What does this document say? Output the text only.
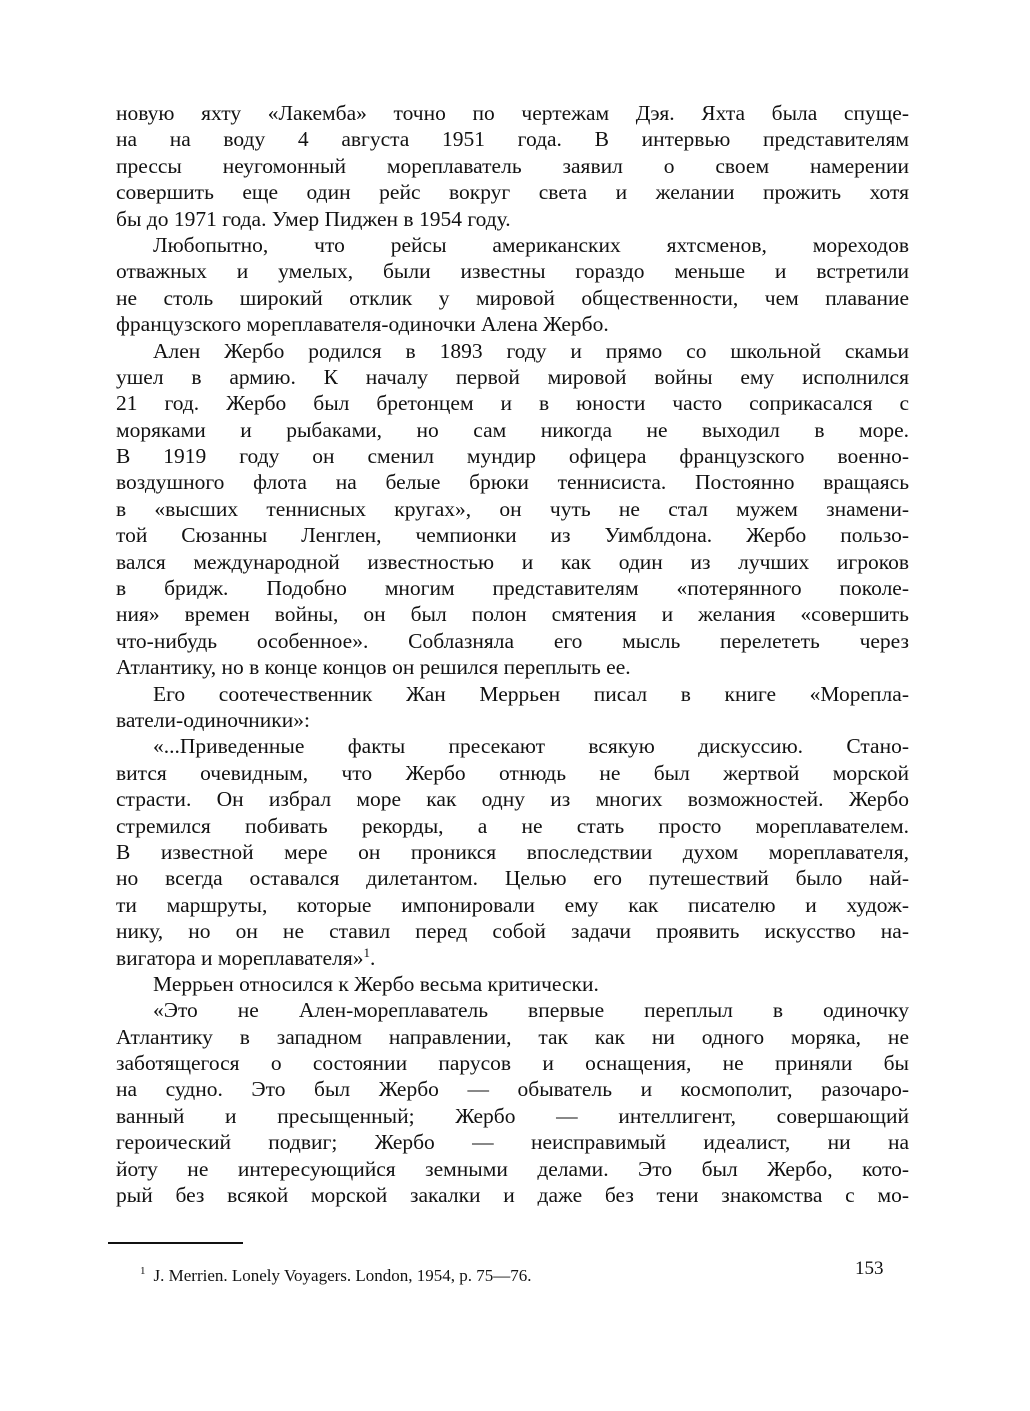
новую яхту «Лакемба» точно по чертежам Дэя. Яхта была спуще-
на на воду 4 августа 1951 года. В интервью представителям
прессы неугомонный мореплаватель заявил о своем намерении
совершить еще один рейс вокруг света и желании прожить хотя
бы до 1971 года. Умер Пиджен в 1954 году.
Любопытно, что рейсы американских яхтсменов, мореходов
отважных и умелых, были известны гораздо меньше и встретили
не столь широкий отклик у мировой общественности, чем плавание
французского мореплавателя-одиночки Алена Жербо.
Ален Жербо родился в 1893 году и прямо со школьной скамьи
ушел в армию. К началу первой мировой войны ему исполнился
21 год. Жербо был бретонцем и в юности часто соприкасался с
моряками и рыбаками, но сам никогда не выходил в море.
В 1919 году он сменил мундир офицера французского военно-
воздушного флота на белые брюки теннисиста. Постоянно вращаясь
в «высших теннисных кругах», он чуть не стал мужем знамени-
той Сюзанны Ленглен, чемпионки из Уимблдона. Жербо пользо-
вался международной известностью и как один из лучших игроков
в бридж. Подобно многим представителям «потерянного поколе-
ния» времен войны, он был полон смятения и желания «совершить
что-нибудь особенное». Соблазняла его мысль перелететь через
Атлантику, но в конце концов он решился переплыть ее.
Его соотечественник Жан Меррьен писал в книге «Морепла-
ватели-одиночники»:
«...Приведенные факты пресекают всякую дискуссию. Стано-
вится очевидным, что Жербо отнюдь не был жертвой морской
страсти. Он избрал море как одну из многих возможностей. Жербо
стремился побивать рекорды, а не стать просто мореплавателем.
В известной мере он проникся впоследствии духом мореплавателя,
но всегда оставался дилетантом. Целью его путешествий было най-
ти маршруты, которые импонировали ему как писателю и худож-
нику, но он не ставил перед собой задачи проявить искусство на-
вигатора и мореплавателя»$^1$.
Меррьен относился к Жербо весьма критически.
«Это не Ален-мореплаватель впервые переплыл в одиночку
Атлантику в западном направлении, так как ни одного моряка, не
заботящегося о состоянии парусов и оснащения, не приняли бы
на судно. Это был Жербо — обыватель и космополит, разочаро-
ванный и пресыщенный; Жербо — интеллигент, совершающий
героический подвиг; Жербо — неисправимый идеалист, ни на
йоту не интересующийся земными делами. Это был Жербо, кото-
рый без всякой морской закалки и даже без тени знакомства с мо-
$^1$ J. Merrien. Lonely Voyagers. London, 1954, p. 75—76.	153
